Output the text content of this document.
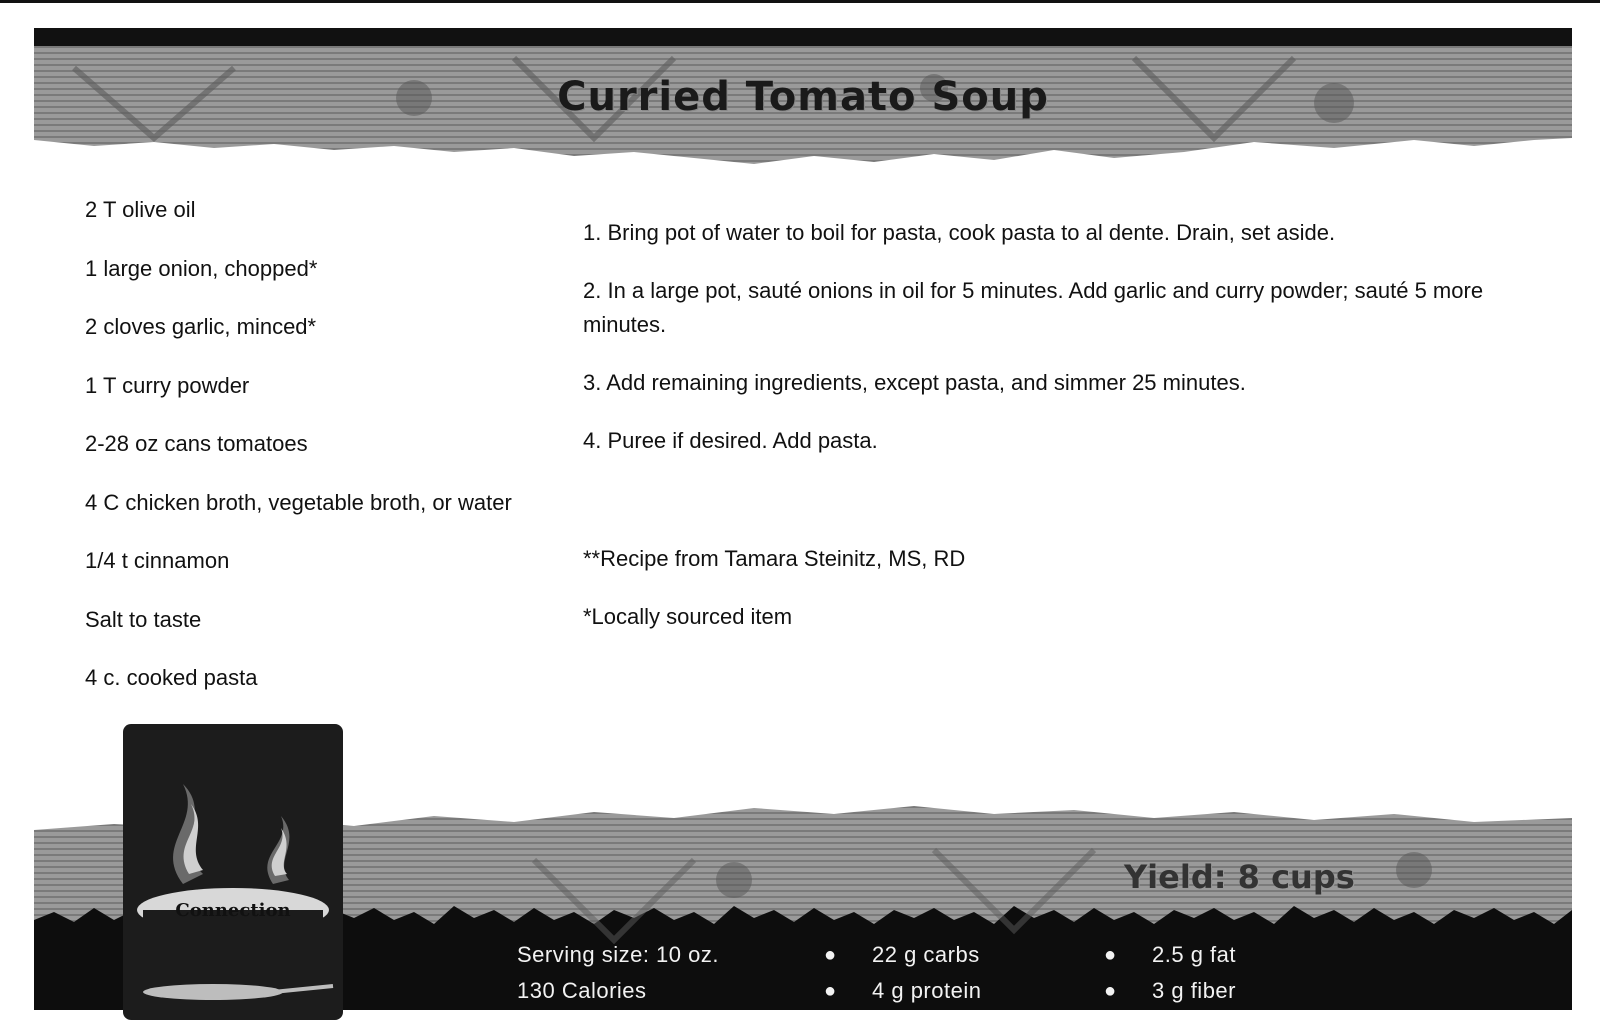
Curried Tomato Soup
2 T olive oil
1 large onion, chopped*
2 cloves garlic, minced*
1 T curry powder
2-28 oz cans tomatoes
4 C chicken broth, vegetable broth, or water
1/4 t cinnamon
Salt to taste
4 c. cooked pasta
1. Bring pot of water to boil for pasta, cook pasta to al dente. Drain, set aside.
2. In a large pot, sauté onions in oil for 5 minutes. Add garlic and curry powder; sauté 5 more minutes.
3. Add remaining ingredients, except pasta, and simmer 25 minutes.
4. Puree if desired. Add pasta.
**Recipe from Tamara Steinitz, MS, RD
*Locally sourced item
Yield: 8 cups
Serving size: 10 oz.
130 Calories
● 22 g carbs
● 4 g protein
● 2.5 g fat
● 3 g fiber
Connection
